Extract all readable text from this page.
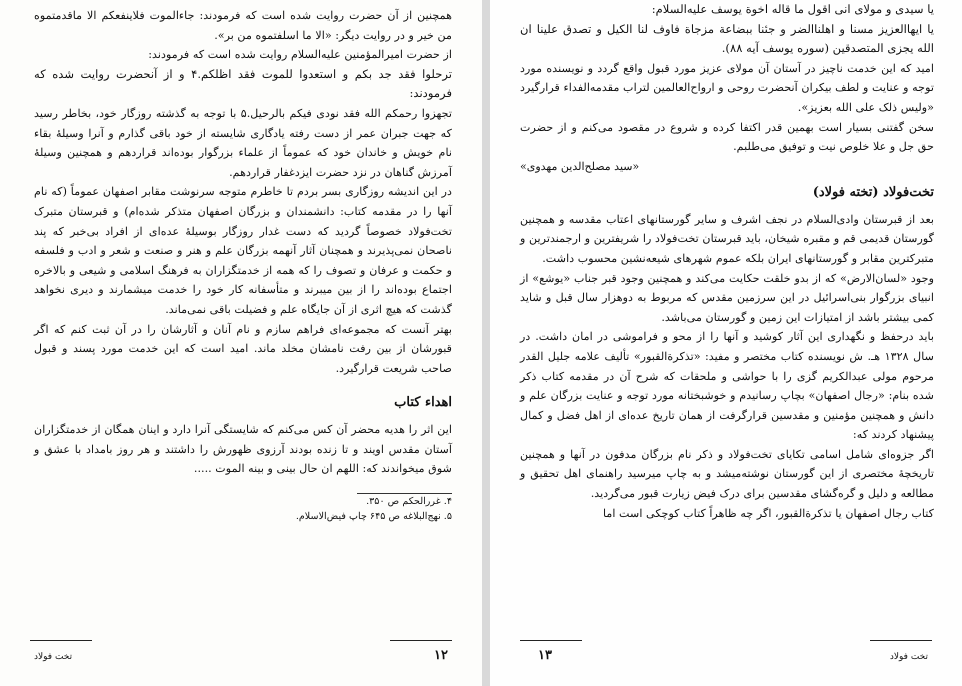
همچنین از آن حضرت روایت شده است که فرمودند: جاءالموت فلاینفعکم الا ماقدمتموه من خیر و در روایت دیگر: «الا ما اسلفتموه من بر».

از حضرت امیرالمؤمنین علیه‌السلام روایت شده است که فرمودند:

ترحلوا فقد جد بکم و استعدوا للموت فقد اظلکم.۴ و از آنحضرت روایت شده که فرمودند:

تجهزوا رحمکم الله فقد نودی فیکم بالرحیل.۵ با توجه به گذشته روزگار خود، بخاطر رسید که جهت جبران عمر از دست رفته یادگاری شایسته از خود باقی گذارم و آنرا وسیلهٔ بقاء نام خویش و خاندان خود که عموماً از علماء بزرگوار بوده‌اند قراردهم و همچنین وسیلهٔ آمرزش گناهان در نزد حضرت ایزدغفار قراردهم.

در این اندیشه روزگاری بسر بردم تا خاطرم متوجه سرنوشت مقابر اصفهان عموماً (که نام آنها را در مقدمه کتاب: دانشمندان و بزرگان اصفهان متذکر شده‌ام) و قبرستان متبرک تخت‌فولاد خصوصاً گردید که دست غدار روزگار بوسیلهٔ عده‌ای از افراد بی‌خبر که پند ناصحان نمی‌پذیرند و همچنان آثار آنهمه بزرگان علم و هنر و صنعت و شعر و ادب و فلسفه و حکمت و عرفان و تصوف را که همه از خدمتگزاران به فرهنگ اسلامی و شیعی و بالاخره اجتماع بوده‌اند را از بین میبرند و متأسفانه کار خود را خدمت میشمارند و دیری نخواهد گذشت که هیچ اثری از آن جایگاه علم و فضیلت باقی نمی‌ماند.

بهتر آنست که مجموعه‌ای فراهم سازم و نام آنان و آثارشان را در آن ثبت کنم که اگر قبورشان از بین رفت نامشان مخلد ماند. امید است که این خدمت مورد پسند و قبول صاحب شریعت قرارگیرد.

اهداء کتاب

این اثر را هدیه محضر آن کس می‌کنم که شایستگی آنرا دارد و اینان همگان از خدمتگزاران آستان مقدس اویند و تا زنده بودند آرزوی ظهورش را داشتند و هر روز بامداد با عشق و شوق میخواندند که: اللهم ان حال بینی و بینه الموت .....

۴. غررالحکم ص ۳۵۰.

۵. نهج‌البلاغه ص ۶۴۵ چاپ فیض‌الاسلام.

۱۲
تخت فولاد

یا سیدی و مولای انی اقول ما قاله اخوة یوسف علیه‌السلام:

یا ایهاالعزیز مسنا و اهلناالضر و جئنا ببضاعة مزجاة فاوف لنا الکیل و تصدق علینا ان الله یجزی المتصدقین (سوره یوسف آیه ۸۸).

امید که این خدمت ناچیز در آستان آن مولای عزیز مورد قبول واقع گردد و نویسنده مورد توجه و عنایت و لطف بیکران آنحضرت روحی و ارواح‌العالمین لتراب مقدمه‌الفداء قرارگیرد «ولیس ذلک علی الله بعزیز».

سخن گفتنی بسیار است بهمین قدر اکتفا کرده و شروع در مقصود می‌کنم و از حضرت حق جل و علا خلوص نیت و توفیق می‌طلبم.

«سید مصلح‌الدین مهدوی»

تخت‌فولاد (تخته فولاد)

بعد از قبرستان وادی‌السلام در نجف اشرف و سایر گورستانهای اعتاب مقدسه و همچنین گورستان قدیمی قم و مقبره شیخان، باید قبرستان تخت‌فولاد را شریفترین و ارجمندترین و متبرکترین مقابر و گورستانهای ایران بلکه عموم شهرهای شیعه‌نشین محسوب داشت.

وجود «لسان‌الارض» که از بدو خلقت حکایت می‌کند و همچنین وجود قبر جناب «یوشع» از انبیای بزرگوار بنی‌اسرائیل در این سرزمین مقدس که مربوط به دوهزار سال قبل و شاید کمی بیشتر باشد از امتیازات این زمین و گورستان می‌باشد.

باید درحفظ و نگهداری این آثار کوشید و آنها را از محو و فراموشی در امان داشت. در سال ۱۳۲۸ هـ. ش نویسنده کتاب مختصر و مفید: «تذکرةالقبور» تألیف علامه جلیل القدر مرحوم مولی عبدالکریم گزی را با حواشی و ملحقات که شرح آن در مقدمه کتاب ذکر شده بنام: «رجال اصفهان» بچاپ رسانیدم و خوشبختانه مورد توجه و عنایت بزرگان علم و دانش و همچنین مؤمنین و مقدسین قرارگرفت از همان تاریخ عده‌ای از اهل فضل و کمال پیشنهاد کردند که:

اگر جزوه‌ای شامل اسامی تکایای تخت‌فولاد و ذکر نام بزرگان مدفون در آنها و همچنین تاریخچهٔ مختصری از این گورستان نوشته‌میشد و به چاپ میرسید راهنمای اهل تحقیق و مطالعه و دلیل و گره‌گشای مقدسین برای درک فیض زیارت قبور می‌گردید.

کتاب رجال اصفهان یا تذکرةالقبور، اگر چه ظاهراً کتاب کوچکی است اما

۱۳	تخت فولاد
